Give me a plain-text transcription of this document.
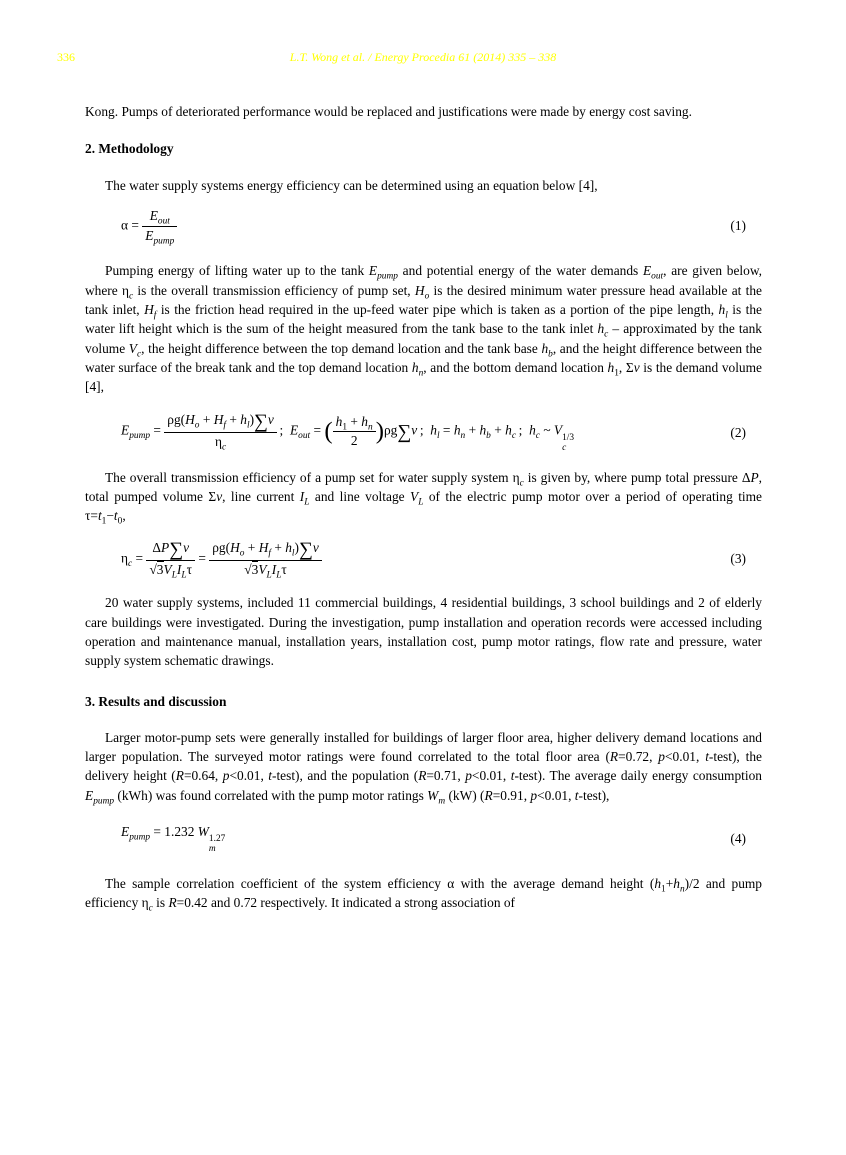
336	L.T. Wong et al. / Energy Procedia 61 (2014) 335 – 338

Kong. Pumps of deteriorated performance would be replaced and justifications were made by energy cost saving.

2. Methodology

The water supply systems energy efficiency can be determined using an equation below [4],

$\alpha = \frac{E_{out}}{E_{pump}}$	(1)

Pumping energy of lifting water up to the tank $E_{pump}$ and potential energy of the water demands $E_{out}$, are given below, where $\eta_c$ is the overall transmission efficiency of pump set, $H_o$ is the desired minimum water pressure head available at the tank inlet, $H_f$ is the friction head required in the up-feed water pipe which is taken as a portion of the pipe length, $h_l$ is the water lift height which is the sum of the height measured from the tank base to the tank inlet $h_c$ – approximated by the tank volume $V_c$, the height difference between the top demand location and the tank base $h_b$, and the height difference between the water surface of the break tank and the top demand location $h_n$, and the bottom demand location $h_1$, Σv is the demand volume [4],

$E_{pump} = \frac{\rho g(H_o + H_f + h_l)\sum v}{\eta_c}$  ;  $E_{out}$ = ( $\frac{h_1 + h_n}{2} )\rho g\sum v$ ;  $h_l = h_n + h_b + h_c$ ;  $h_c$ ~ V
1/3
c
(2)

The overall transmission efficiency of a pump set for water supply system $\eta_c$ is given by, where pump total pressure ΔP, total pumped volume Σv, line current $I_L$ and line voltage $V_L$ of the electric pump motor over a period of operating time $\tau=t_1-t_0$,

$\eta_c = \frac{\Delta P\sum v}{√3V_LI_L\tau} = \frac{\rho g(H_o + H_f + h_l)\sum v}{√3V_LI_L\tau}$	(3)

20 water supply systems, included 11 commercial buildings, 4 residential buildings, 3 school buildings and 2 of elderly care buildings were investigated. During the investigation, pump installation and operation records were accessed including operation and maintenance manual, installation years, installation cost, pump motor ratings, flow rate and pressure, water supply system schematic drawings.

3. Results and discussion

Larger motor-pump sets were generally installed for buildings of larger floor area, higher delivery demand locations and larger population. The surveyed motor ratings were found correlated to the total floor area (R=0.72, p<0.01, t-test), the delivery height (R=0.64, p<0.01, t-test), and the population (R=0.71, p<0.01, t-test). The average daily energy consumption $E_{pump}$ (kWh) was found correlated with the pump motor ratings $W_m$ (kW) (R=0.91, p<0.01, t-test),

$E_{pump} = 1.232$ W
1.27
m
(4)

The sample correlation coefficient of the system efficiency α with the average demand height $(h_1+h_n)/2$ and pump efficiency $\eta_c$ is R=0.42 and 0.72 respectively. It indicated a strong association of
